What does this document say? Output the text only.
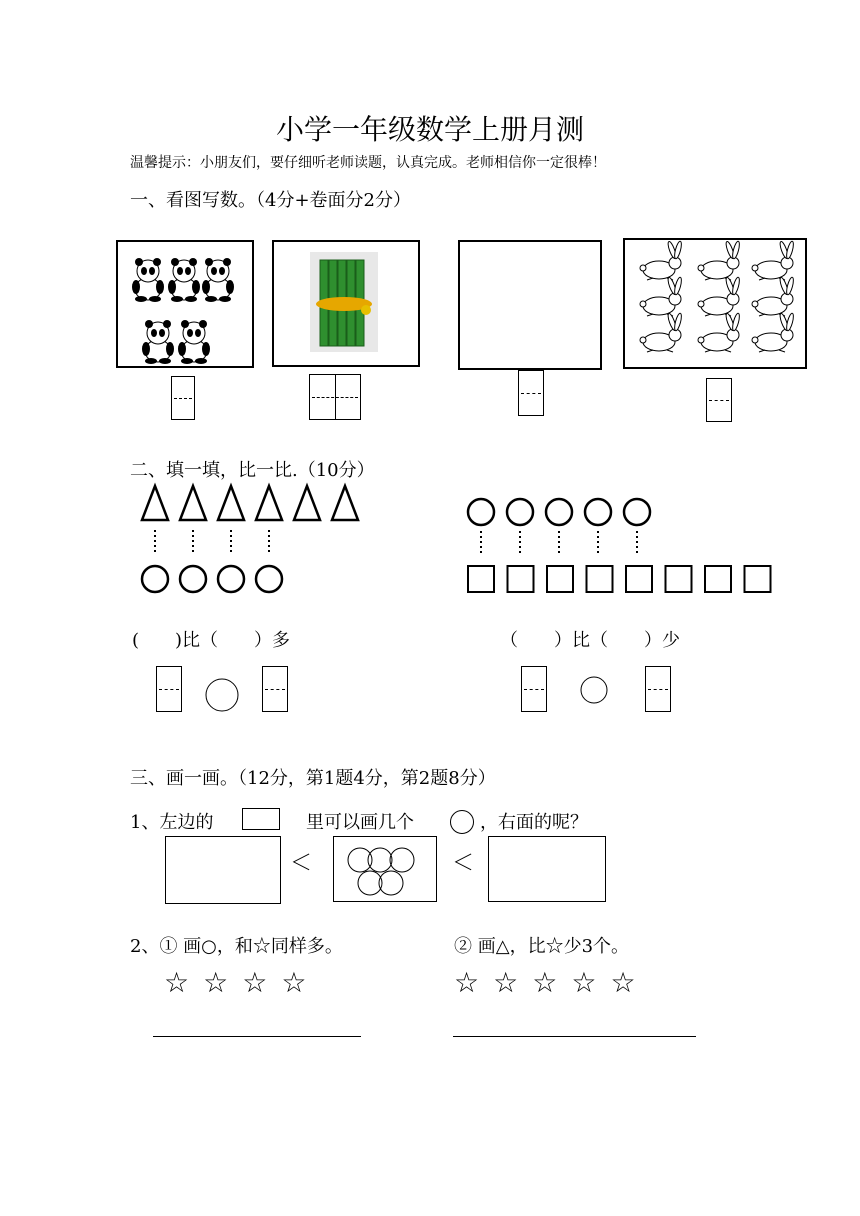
小学一年级数学上册月测
温馨提示：小朋友们，要仔细听老师读题，认真完成。老师相信你一定很棒！
一、看图写数。（4分+卷面分2分）
二、填一填，比一比.（10分）
(　　)比（　　）多	（　　）比（　　）少
三、画一画。（12分，第1题4分，第2题8分）
1、左边的	里可以画几个	，右面的呢？
＜	＜
2、① 画○，和☆同样多。	② 画△，比☆少3个。
☆ ☆ ☆ ☆	☆ ☆ ☆ ☆ ☆
